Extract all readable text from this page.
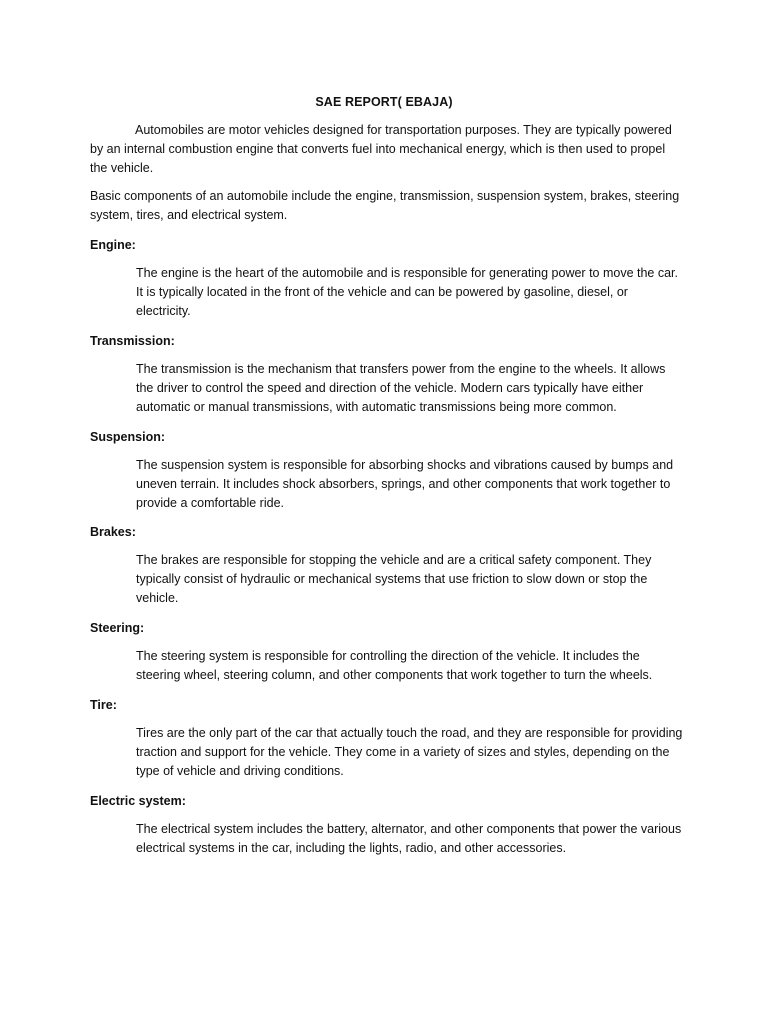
SAE REPORT( EBAJA)

Automobiles are motor vehicles designed for transportation purposes. They are typically powered by an internal combustion engine that converts fuel into mechanical energy, which is then used to propel the vehicle.

Basic components of an automobile include the engine, transmission, suspension system, brakes, steering system, tires, and electrical system.

Engine:

The engine is the heart of the automobile and is responsible for generating power to move the car. It is typically located in the front of the vehicle and can be powered by gasoline, diesel, or electricity.

Transmission:

The transmission is the mechanism that transfers power from the engine to the wheels. It allows the driver to control the speed and direction of the vehicle. Modern cars typically have either automatic or manual transmissions, with automatic transmissions being more common.

Suspension:

The suspension system is responsible for absorbing shocks and vibrations caused by bumps and uneven terrain. It includes shock absorbers, springs, and other components that work together to provide a comfortable ride.

Brakes:

The brakes are responsible for stopping the vehicle and are a critical safety component. They typically consist of hydraulic or mechanical systems that use friction to slow down or stop the vehicle.

Steering:

The steering system is responsible for controlling the direction of the vehicle. It includes the steering wheel, steering column, and other components that work together to turn the wheels.

Tire:

Tires are the only part of the car that actually touch the road, and they are responsible for providing traction and support for the vehicle. They come in a variety of sizes and styles, depending on the type of vehicle and driving conditions.

Electric system:

The electrical system includes the battery, alternator, and other components that power the various electrical systems in the car, including the lights, radio, and other accessories.
